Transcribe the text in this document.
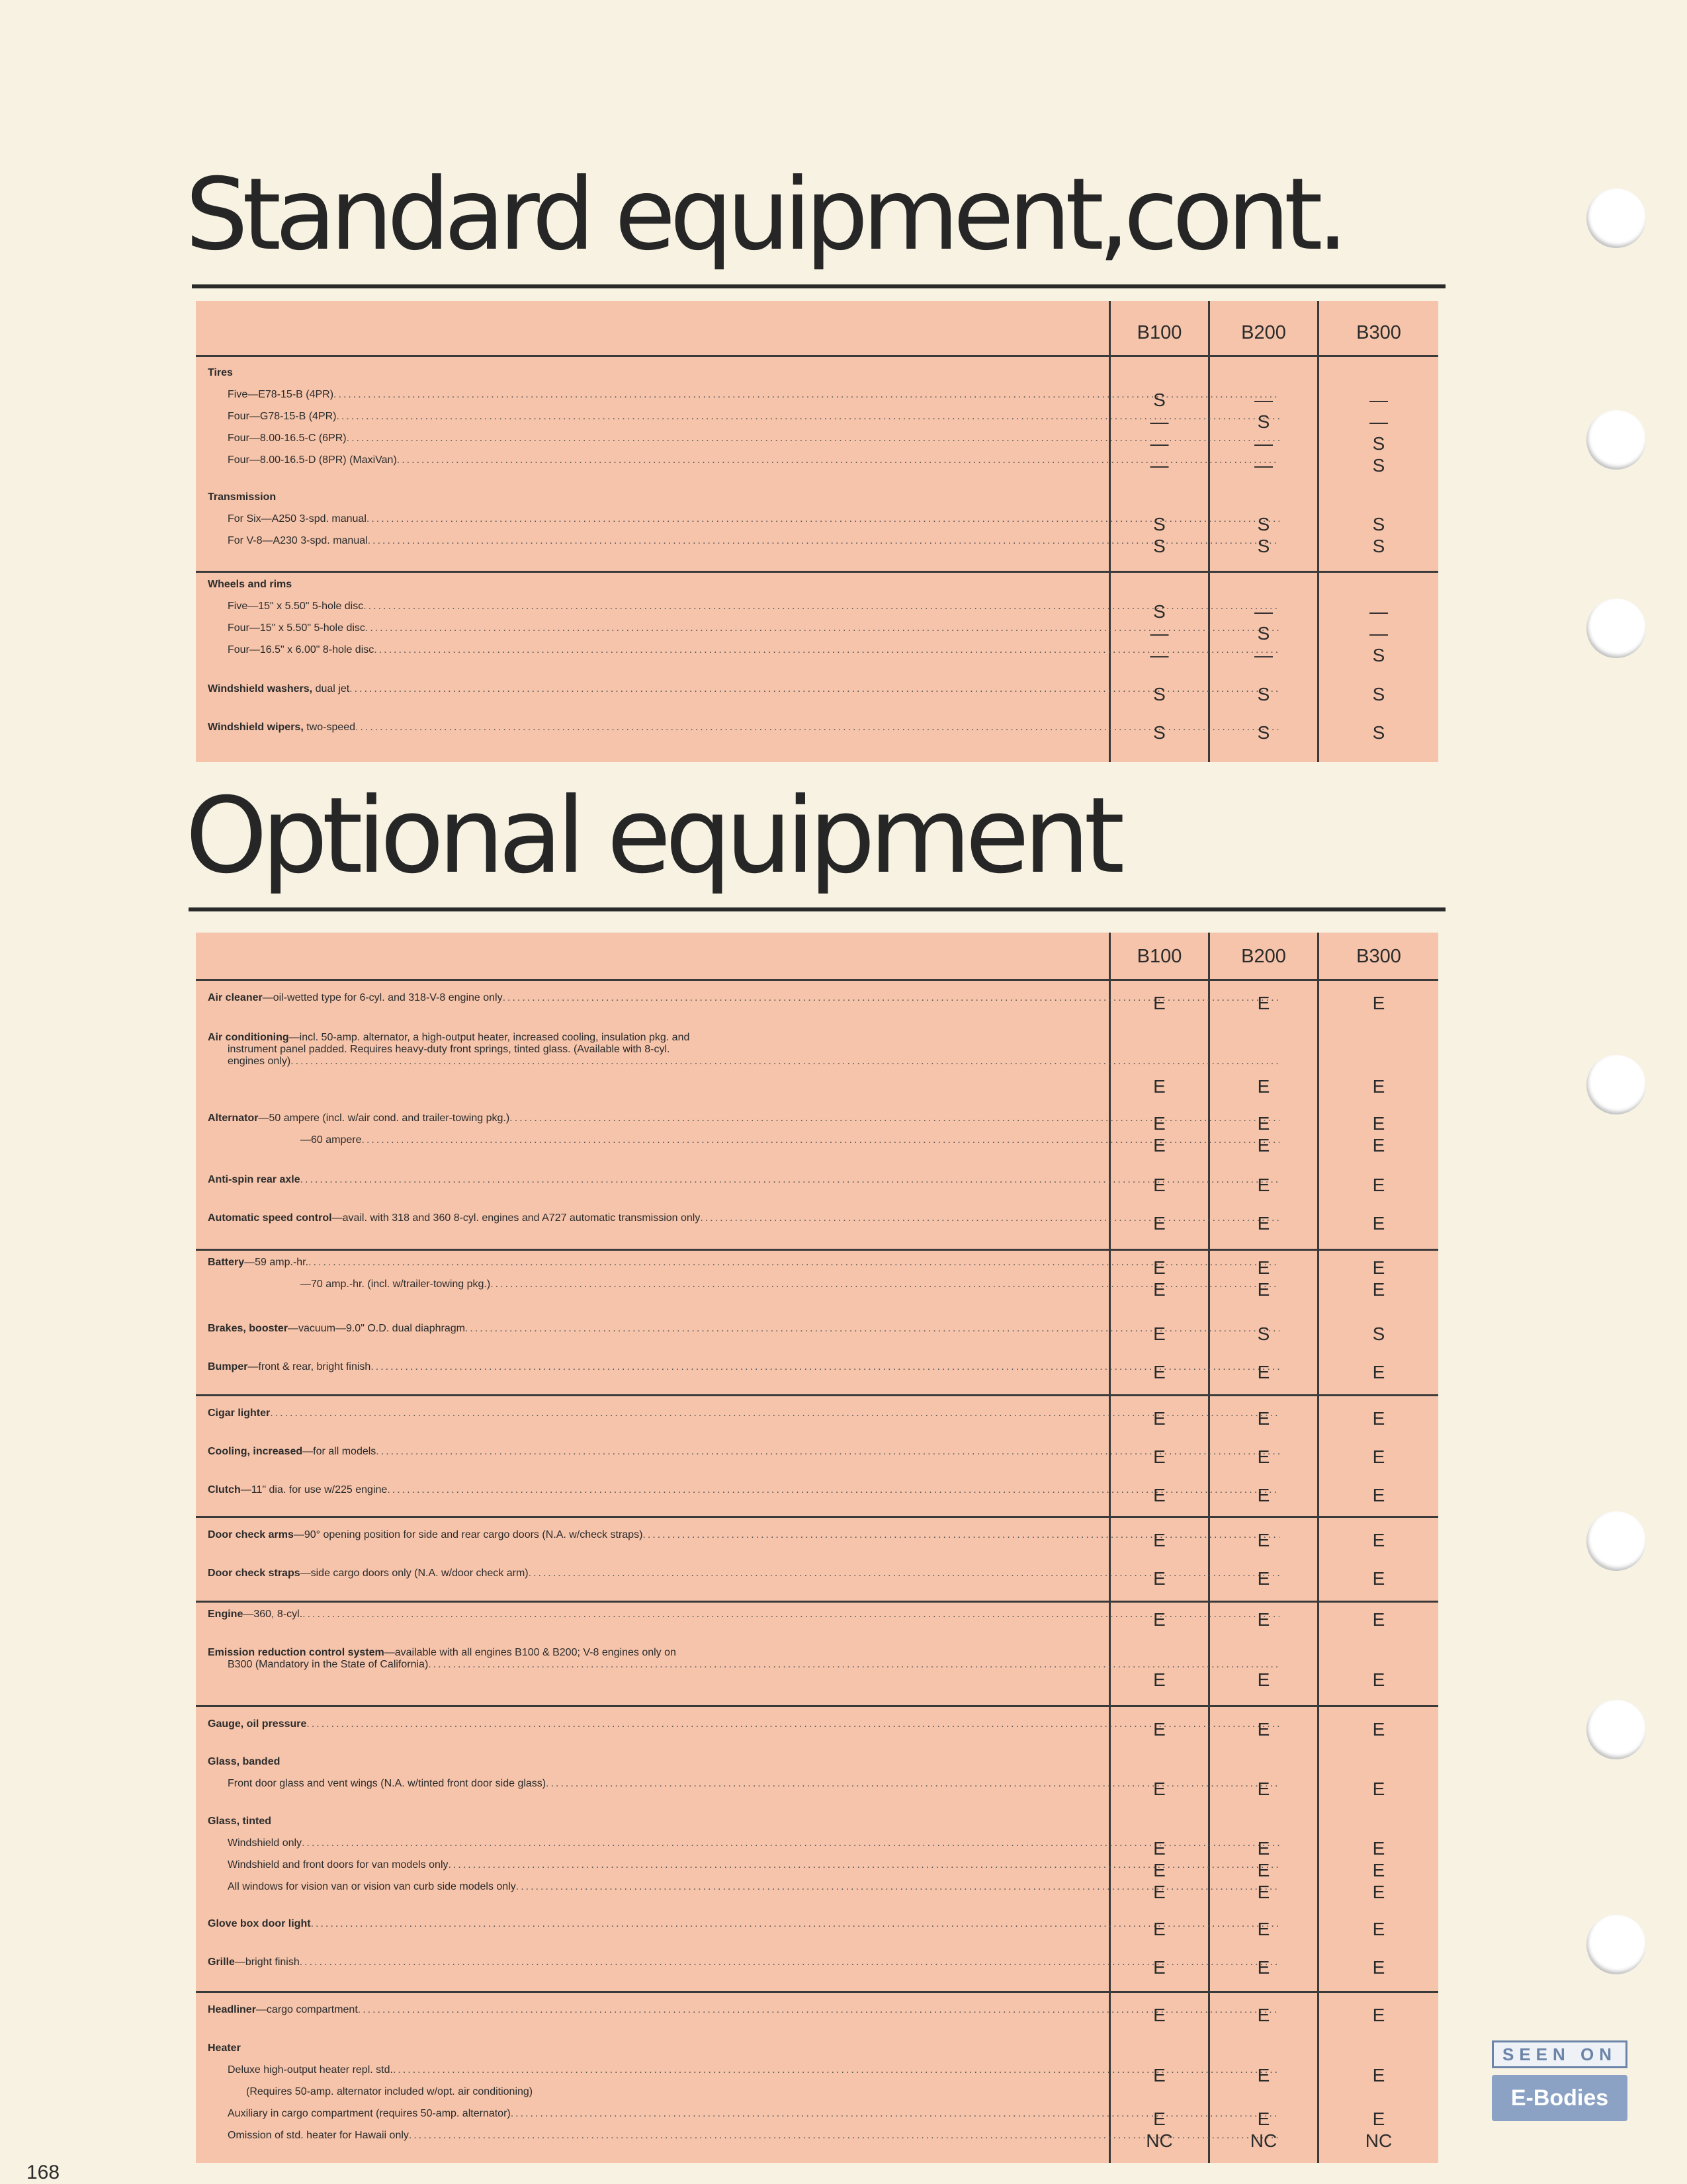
Standard equipment,cont.
B100	B200	B300
Tires
Five—E78-15-B (4PR) .....	S	—	—
Four—G78-15-B (4PR) .....	—	S	—
Four—8.00-16.5-C (6PR) .....	—	—	S
Four—8.00-16.5-D (8PR) (MaxiVan) .....	—	—	S
Transmission
For Six—A250 3-spd. manual .....	S	S	S
For V-8—A230 3-spd. manual .....	S	S	S
Wheels and rims
Five—15" x 5.50" 5-hole disc .....	S	—	—
Four—15" x 5.50" 5-hole disc .....	—	S	—
Four—16.5" x 6.00" 8-hole disc .....	—	—	S
Windshield washers, dual jet .....	S	S	S
Windshield wipers, two-speed .....	S	S	S
Optional equipment
B100	B200	B300
Air cleaner—oil-wetted type for 6-cyl. and 318-V-8 engine only .....	E	E	E
Air conditioning—incl. 50-amp. alternator, a high-output heater, increased cooling, insulation pkg. and
instrument panel padded. Requires heavy-duty front springs, tinted glass. (Available with 8-cyl.
engines only)
.....
E	E	E
Alternator—50 ampere (incl. w/air cond. and trailer-towing pkg.) .....	E	E	E
—60 ampere .....	E	E	E
Anti-spin rear axle .....	E	E	E
Automatic speed control—avail. with 318 and 360 8-cyl. engines and A727 automatic transmission only .....	E	E	E
Battery—59 amp.-hr. .....	E	E	E
—70 amp.-hr. (incl. w/trailer-towing pkg.) .....	E	E	E
Brakes, booster—vacuum—9.0" O.D. dual diaphragm .....	E	S	S
Bumper—front & rear, bright finish .....	E	E	E
Cigar lighter .....	E	E	E
Cooling, increased—for all models .....	E	E	E
Clutch—11" dia. for use w/225 engine .....	E	E	E
Door check arms—90° opening position for side and rear cargo doors (N.A. w/check straps) .....	E	E	E
Door check straps—side cargo doors only (N.A. w/door check arm) .....	E	E	E
Engine—360, 8-cyl. .....	E	E	E
Emission reduction control system—available with all engines B100 & B200; V-8 engines only on
B300 (Mandatory in the State of California)
.....
E	E	E
Gauge, oil pressure .....	E	E	E
Glass, banded
Front door glass and vent wings (N.A. w/tinted front door side glass) .....	E	E	E
Glass, tinted
Windshield only .....	E	E	E
Windshield and front doors for van models only .....	E	E	E
All windows for vision van or vision van curb side models only .....	E	E	E
Glove box door light .....	E	E	E
Grille—bright finish .....	E	E	E
Headliner—cargo compartment .....	E	E	E
Heater
Deluxe high-output heater repl. std. .....	E	E	E
(Requires 50-amp. alternator included w/opt. air conditioning)
Auxiliary in cargo compartment (requires 50-amp. alternator) .....	E	E	E
Omission of std. heater for Hawaii only .....	NC	NC	NC
168
SEEN ON
E-Bodies
